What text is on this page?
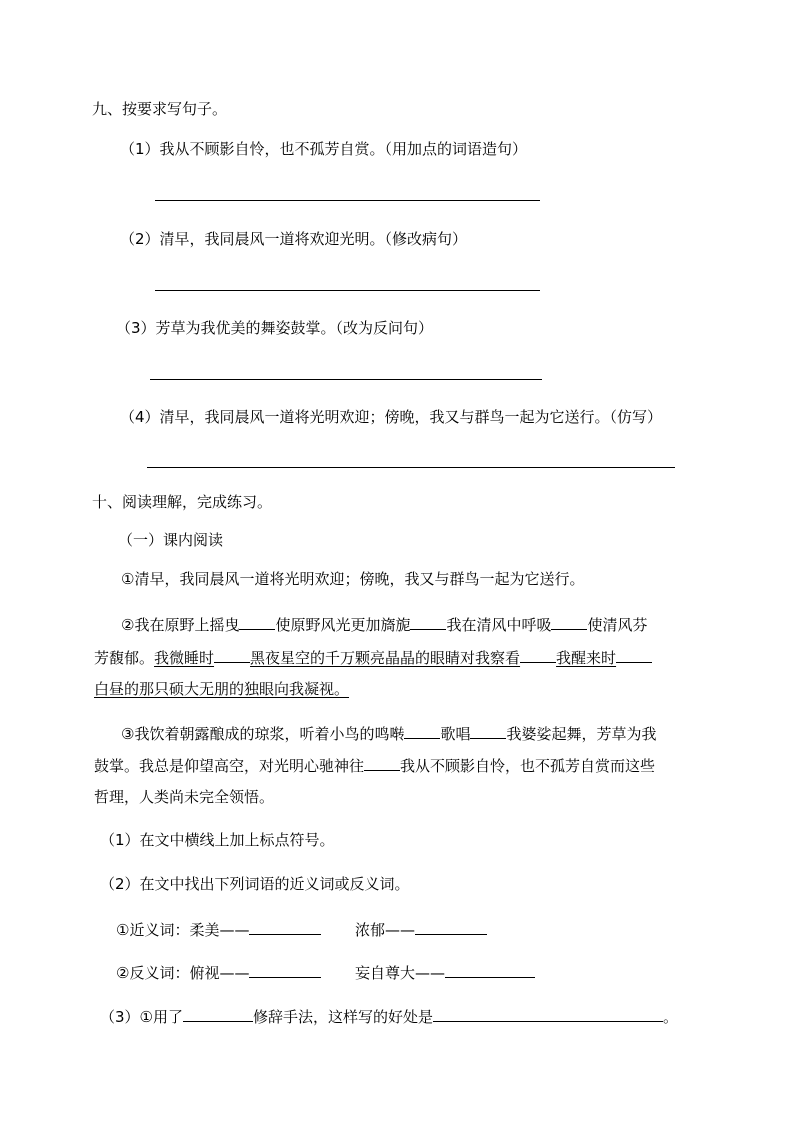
九、按要求写句子。
（1）我从不顾影自怜，也不孤芳自赏。（用加点的词语造句）
（2）清早，我同晨风一道将欢迎光明。（修改病句）
（3）芳草为我优美的舞姿鼓掌。（改为反问句）
（4）清早，我同晨风一道将光明欢迎；傍晚，我又与群鸟一起为它送行。（仿写）
十、阅读理解，完成练习。
（一）课内阅读
①清早，我同晨风一道将光明欢迎；傍晚，我又与群鸟一起为它送行。
②我在原野上摇曳 使原野风光更加旖旎 我在清风中呼吸 使清风芬
芳馥郁。我微睡时 黑夜星空的千万颗亮晶晶的眼睛对我察看 我醒来时
白昼的那只硕大无朋的独眼向我凝视。
③我饮着朝露酿成的琼浆，听着小鸟的鸣啭 歌唱 我婆娑起舞，芳草为我
鼓掌。我总是仰望高空，对光明心驰神往 我从不顾影自怜，也不孤芳自赏而这些
哲理，人类尚未完全领悟。
（1）在文中横线上加上标点符号。
（2）在文中找出下列词语的近义词或反义词。
①近义词：柔美——	浓郁——
②反义词：俯视——	妄自尊大——
（3）①用了	修辞手法，这样写的好处是	。
